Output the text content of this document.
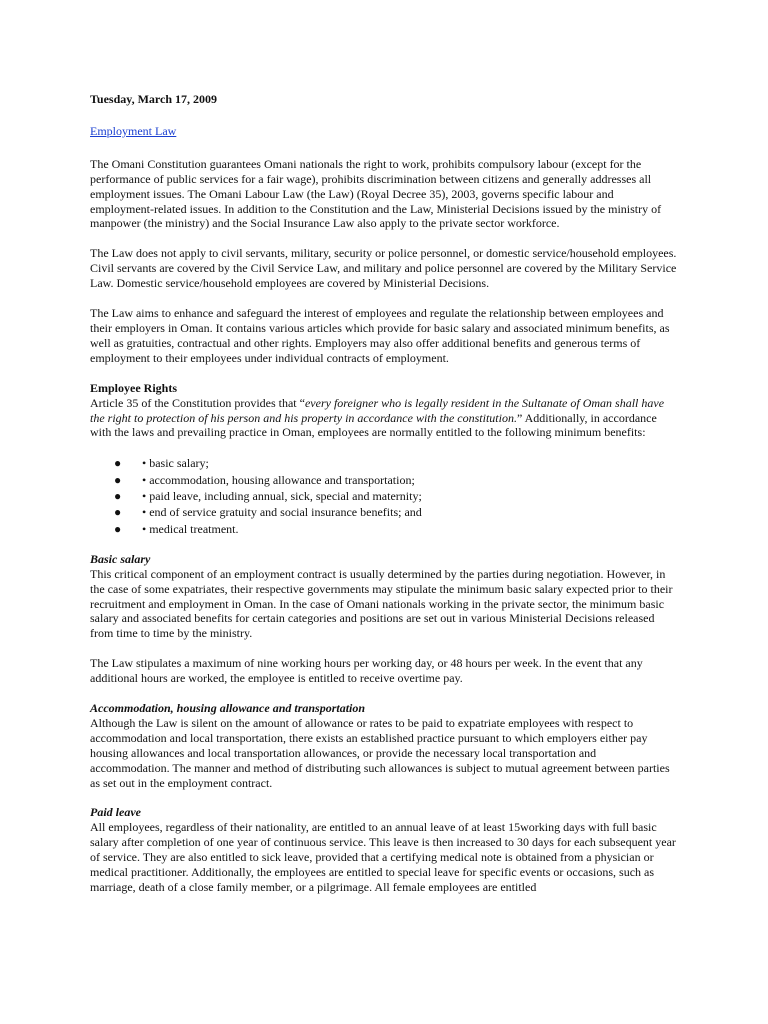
Tuesday, March 17, 2009
Employment Law

The Omani Constitution guarantees Omani nationals the right to work, prohibits compulsory labour (except for the performance of public services for a fair wage), prohibits discrimination between citizens and generally addresses all employment issues. The Omani Labour Law (the Law) (Royal Decree 35), 2003, governs specific labour and employment-related issues. In addition to the Constitution and the Law, Ministerial Decisions issued by the ministry of manpower (the ministry) and the Social Insurance Law also apply to the private sector workforce.

The Law does not apply to civil servants, military, security or police personnel, or domestic service/household employees. Civil servants are covered by the Civil Service Law, and military and police personnel are covered by the Military Service Law. Domestic service/household employees are covered by Ministerial Decisions.

The Law aims to enhance and safeguard the interest of employees and regulate the relationship between employees and their employers in Oman. It contains various articles which provide for basic salary and associated minimum benefits, as well as gratuities, contractual and other rights. Employers may also offer additional benefits and generous terms of employment to their employees under individual contracts of employment.

Employee Rights
Article 35 of the Constitution provides that “every foreigner who is legally resident in the Sultanate of Oman shall have the right to protection of his person and his property in accordance with the constitution.” Additionally, in accordance with the laws and prevailing practice in Oman, employees are normally entitled to the following minimum benefits:
● • basic salary;
● • accommodation, housing allowance and transportation;
● • paid leave, including annual, sick, special and maternity;
● • end of service gratuity and social insurance benefits; and
● • medical treatment.
Basic salary
This critical component of an employment contract is usually determined by the parties during negotiation. However, in the case of some expatriates, their respective governments may stipulate the minimum basic salary expected prior to their recruitment and employment in Oman. In the case of Omani nationals working in the private sector, the minimum basic salary and associated benefits for certain categories and positions are set out in various Ministerial Decisions released from time to time by the ministry.

The Law stipulates a maximum of nine working hours per working day, or 48 hours per week. In the event that any additional hours are worked, the employee is entitled to receive overtime pay.

Accommodation, housing allowance and transportation
Although the Law is silent on the amount of allowance or rates to be paid to expatriate employees with respect to accommodation and local transportation, there exists an established practice pursuant to which employers either pay housing allowances and local transportation allowances, or provide the necessary local transportation and accommodation. The manner and method of distributing such allowances is subject to mutual agreement between parties as set out in the employment contract.
Paid leave
All employees, regardless of their nationality, are entitled to an annual leave of at least 15working days with full basic salary after completion of one year of continuous service. This leave is then increased to 30 days for each subsequent year of service. They are also entitled to sick leave, provided that a certifying medical note is obtained from a physician or medical practitioner. Additionally, the employees are entitled to special leave for specific events or occasions, such as marriage, death of a close family member, or a pilgrimage. All female employees are entitled
